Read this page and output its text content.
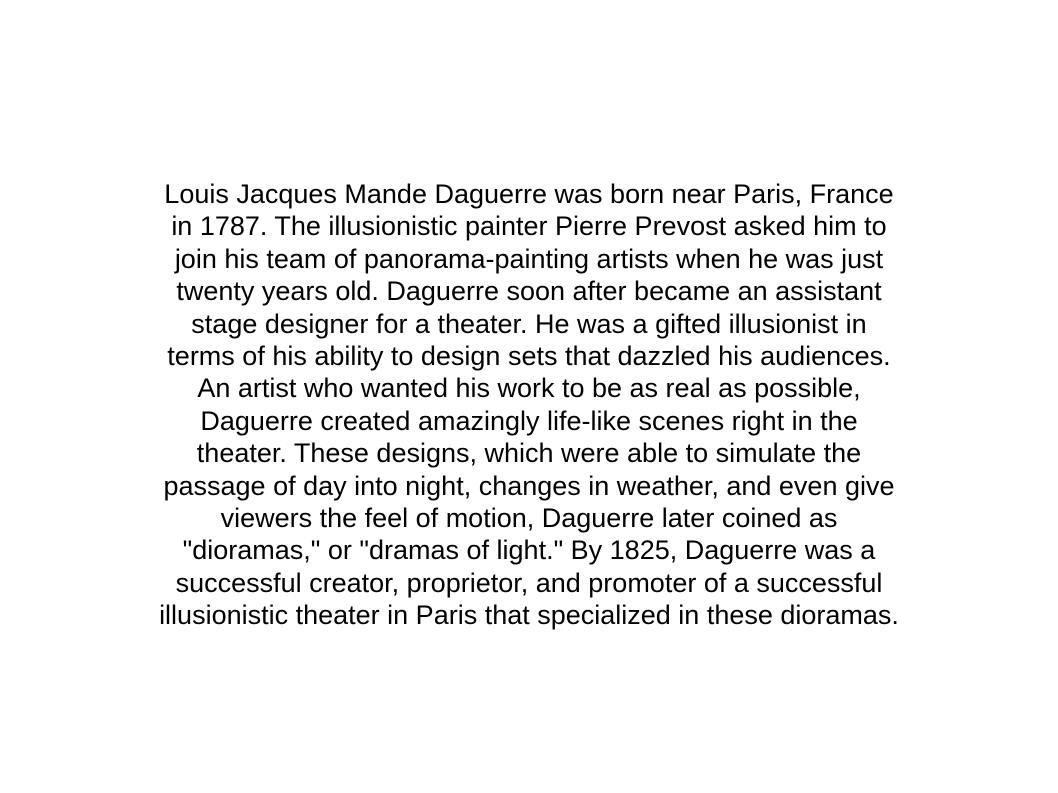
Louis Jacques Mande Daguerre was born near Paris, France
in 1787. The illusionistic painter Pierre Prevost asked him to
join his team of panorama-painting artists when he was just
twenty years old. Daguerre soon after became an assistant
stage designer for a theater. He was a gifted illusionist in
terms of his ability to design sets that dazzled his audiences.
An artist who wanted his work to be as real as possible,
Daguerre created amazingly life-like scenes right in the
theater. These designs, which were able to simulate the
passage of day into night, changes in weather, and even give
viewers the feel of motion, Daguerre later coined as
"dioramas," or "dramas of light." By 1825, Daguerre was a
successful creator, proprietor, and promoter of a successful
illusionistic theater in Paris that specialized in these dioramas.
